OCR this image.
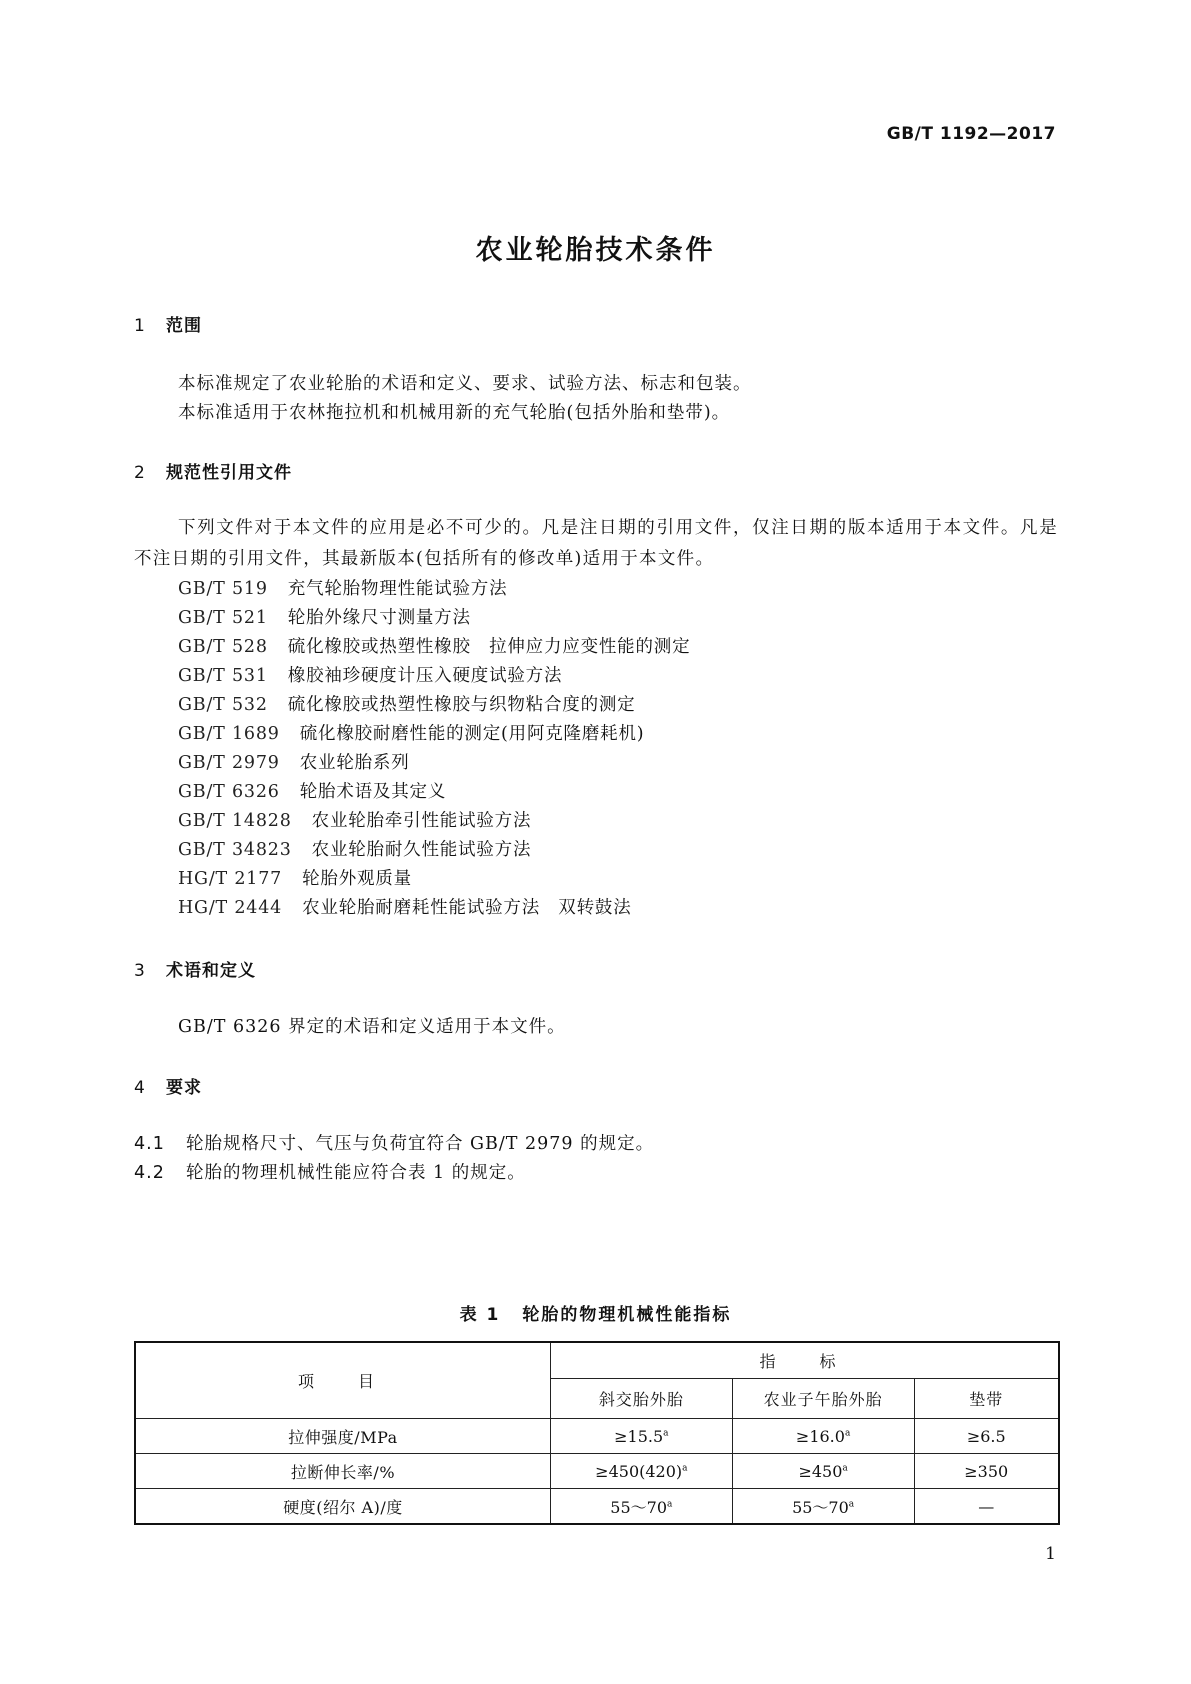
GB/T 1192—2017
农业轮胎技术条件
1 范围
本标准规定了农业轮胎的术语和定义、要求、试验方法、标志和包装。
本标准适用于农林拖拉机和机械用新的充气轮胎(包括外胎和垫带)。
2 规范性引用文件
下列文件对于本文件的应用是必不可少的。凡是注日期的引用文件，仅注日期的版本适用于本文件。凡是不注日期的引用文件，其最新版本(包括所有的修改单)适用于本文件。
GB/T 519 充气轮胎物理性能试验方法
GB/T 521 轮胎外缘尺寸测量方法
GB/T 528 硫化橡胶或热塑性橡胶　拉伸应力应变性能的测定
GB/T 531 橡胶袖珍硬度计压入硬度试验方法
GB/T 532 硫化橡胶或热塑性橡胶与织物粘合度的测定
GB/T 1689 硫化橡胶耐磨性能的测定(用阿克隆磨耗机)
GB/T 2979 农业轮胎系列
GB/T 6326 轮胎术语及其定义
GB/T 14828 农业轮胎牵引性能试验方法
GB/T 34823 农业轮胎耐久性能试验方法
HG/T 2177 轮胎外观质量
HG/T 2444 农业轮胎耐磨耗性能试验方法　双转鼓法
3 术语和定义
GB/T 6326 界定的术语和定义适用于本文件。
4 要求
4.1 轮胎规格尺寸、气压与负荷宜符合 GB/T 2979 的规定。
4.2 轮胎的物理机械性能应符合表 1 的规定。
表 1 轮胎的物理机械性能指标
项　目	指　标		
	斜交胎外胎	农业子午胎外胎	垫带
拉伸强度/MPa	≥15.5$^a$	≥16.0$^a$	≥6.5
拉断伸长率/%	$\ge 450(420)^a$	$\ge 450^a$	≥350
硬度(绍尔 A)/度	55～70$^a$	55～70$^a$	—
1
